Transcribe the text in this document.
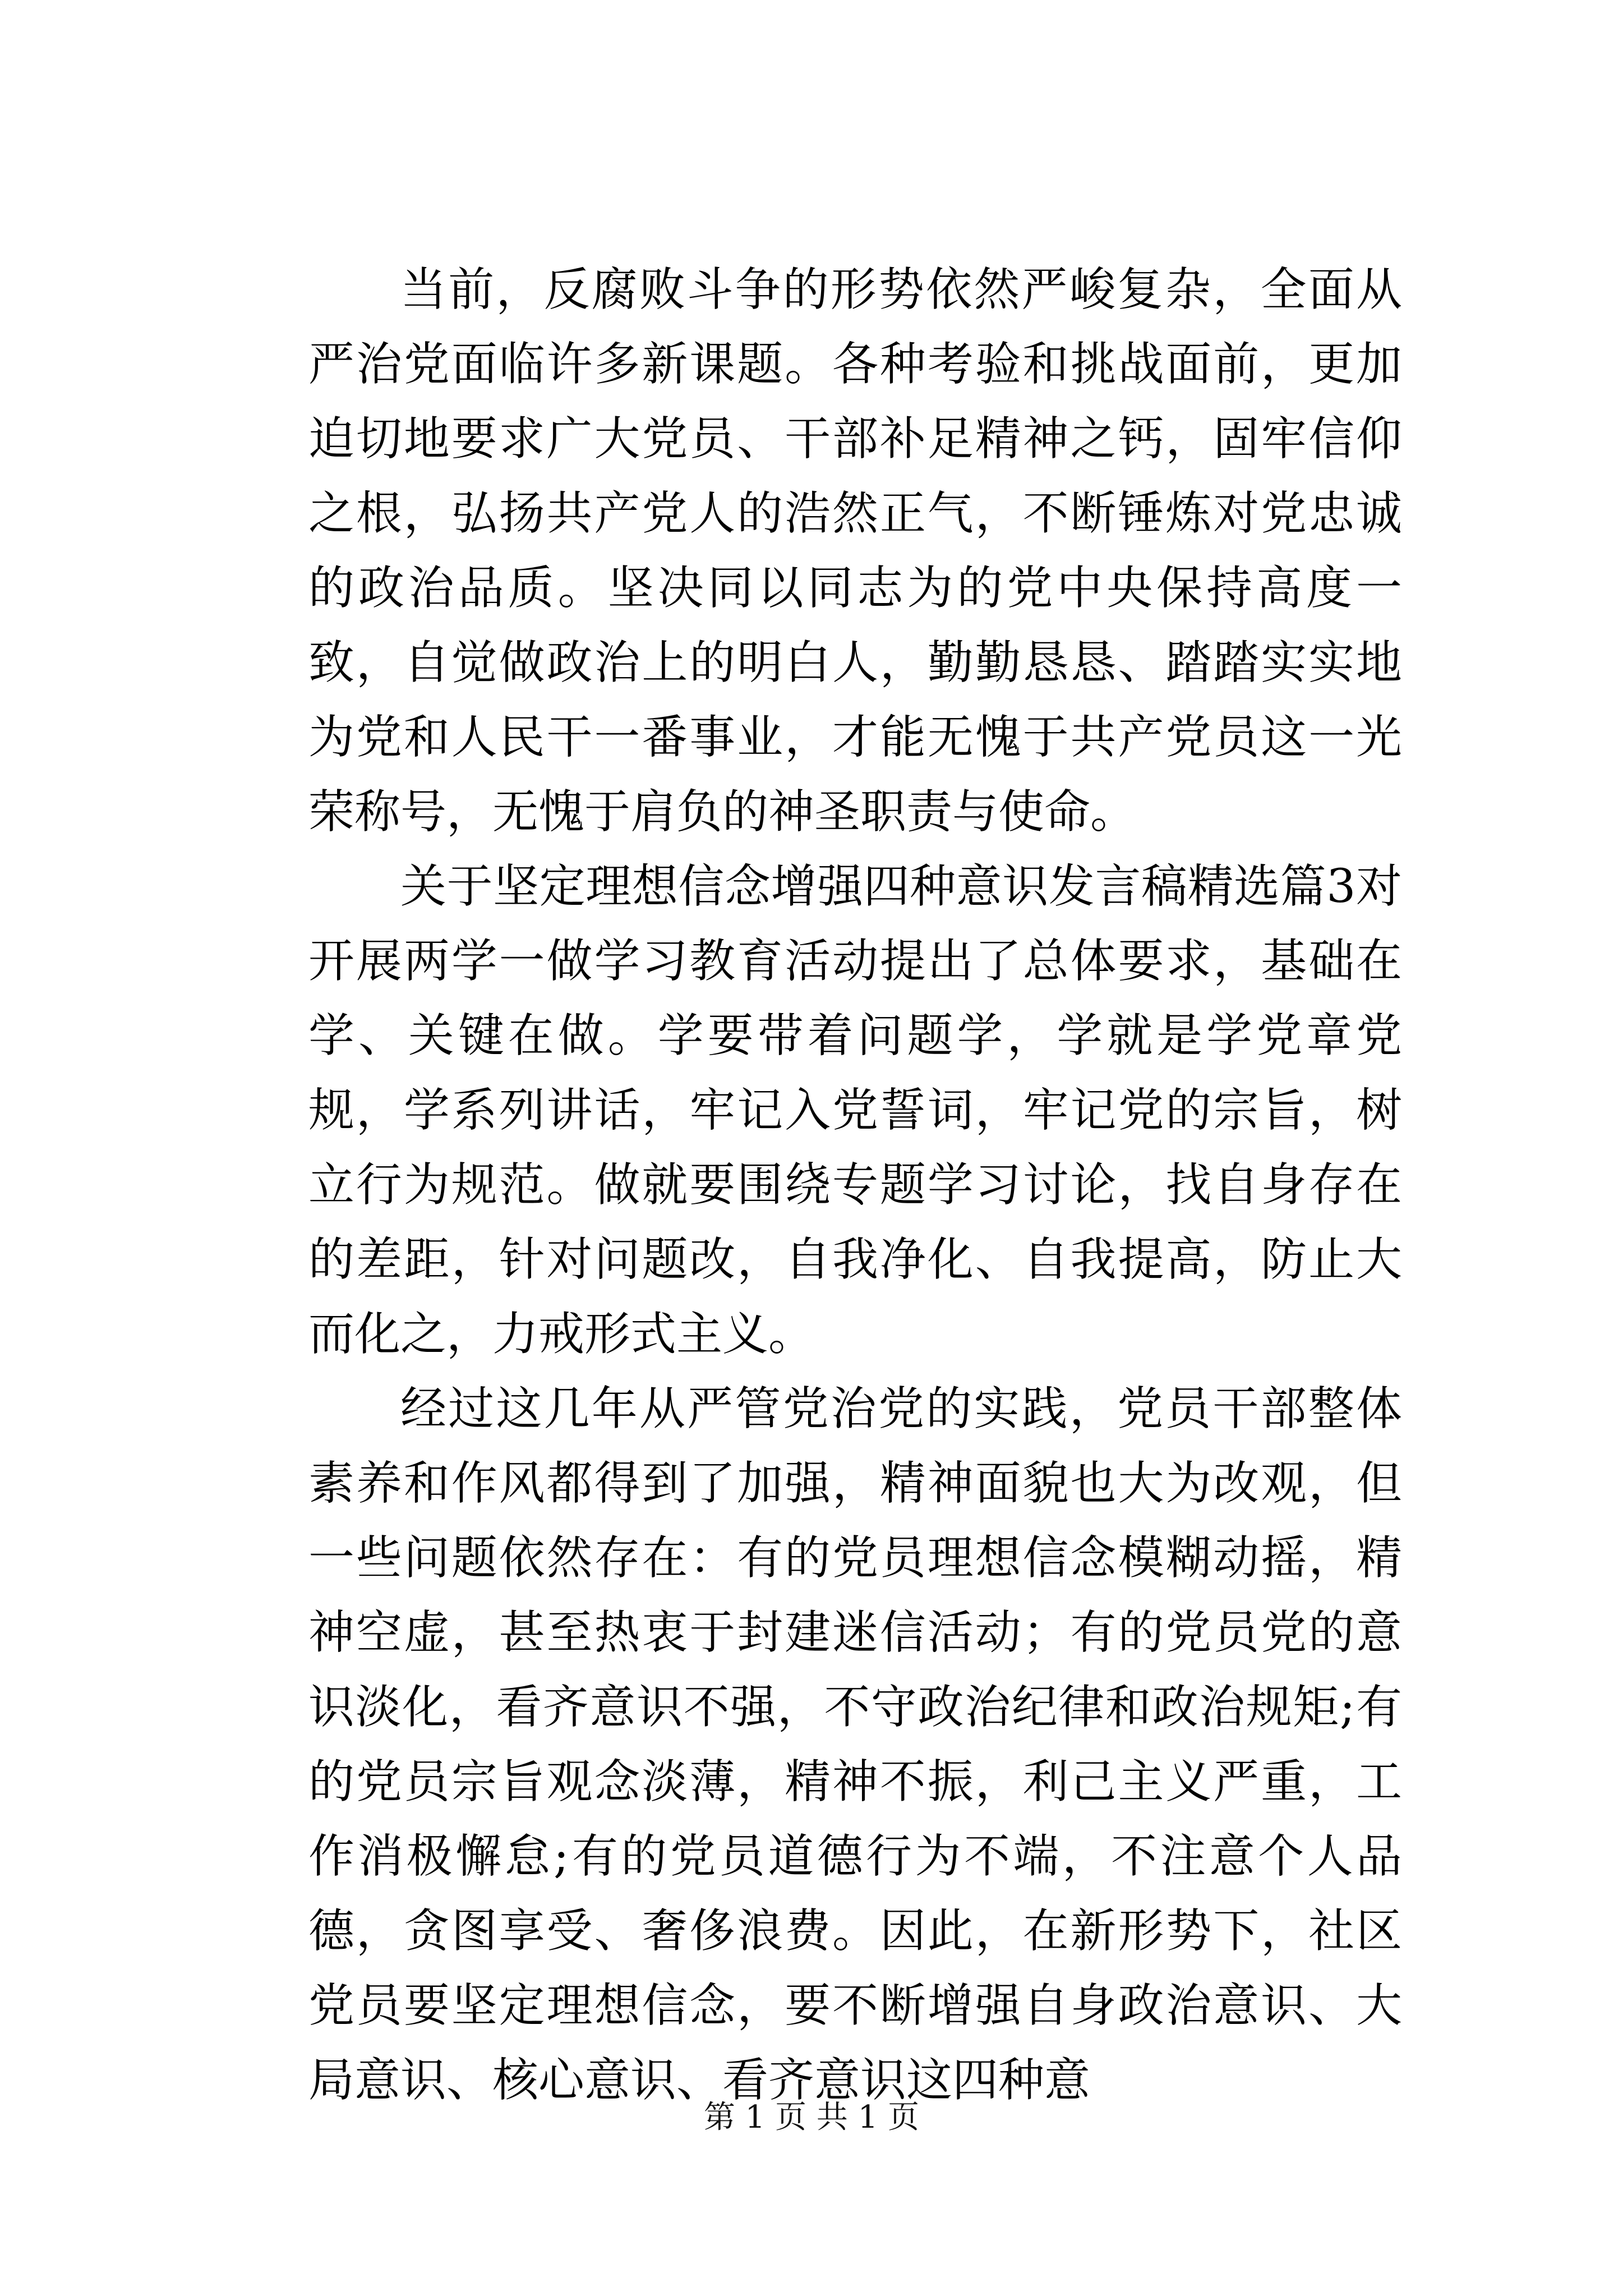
当前，反腐败斗争的形势依然严峻复杂，全面从严治党面临许多新课题。各种考验和挑战面前，更加迫切地要求广大党员、干部补足精神之钙，固牢信仰之根，弘扬共产党人的浩然正气，不断锤炼对党忠诚的政治品质。坚决同以同志为的党中央保持高度一致，自觉做政治上的明白人，勤勤恳恳、踏踏实实地为党和人民干一番事业，才能无愧于共产党员这一光荣称号，无愧于肩负的神圣职责与使命。

关于坚定理想信念增强四种意识发言稿精选篇3对开展两学一做学习教育活动提出了总体要求，基础在学、关键在做。学要带着问题学，学就是学党章党规，学系列讲话，牢记入党誓词，牢记党的宗旨，树立行为规范。做就要围绕专题学习讨论，找自身存在的差距，针对问题改，自我净化、自我提高，防止大而化之，力戒形式主义。

经过这几年从严管党治党的实践，党员干部整体素养和作风都得到了加强，精神面貌也大为改观，但一些问题依然存在：有的党员理想信念模糊动摇，精神空虚，甚至热衷于封建迷信活动；有的党员党的意识淡化，看齐意识不强，不守政治纪律和政治规矩;有的党员宗旨观念淡薄，精神不振，利己主义严重，工作消极懈怠;有的党员道德行为不端，不注意个人品德，贪图享受、奢侈浪费。因此，在新形势下，社区党员要坚定理想信念，要不断增强自身政治意识、大局意识、核心意识、看齐意识这四种意

第 1 页 共 1 页
